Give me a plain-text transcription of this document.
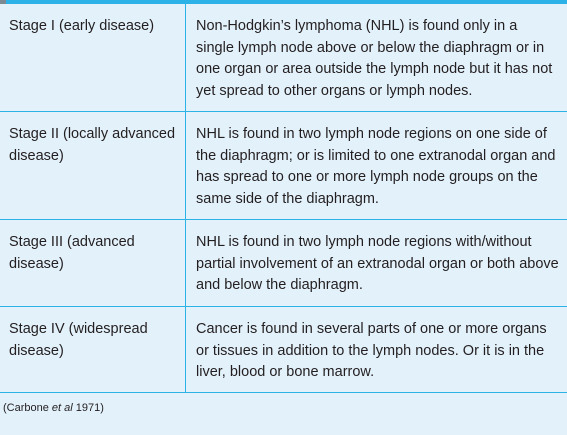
Stage I (early disease)	Non-Hodgkin’s lymphoma (NHL) is found only in a single lymph node above or below the diaphragm or in one organ or area outside the lymph node but it has not yet spread to other organs or lymph nodes.
Stage II (locally advanced disease)
NHL is found in two lymph node regions on one side of the diaphragm; or is limited to one extranodal organ and has spread to one or more lymph node groups on the same side of the diaphragm.
Stage III (advanced disease)
NHL is found in two lymph node regions with/without partial involvement of an extranodal organ or both above and below the diaphragm.
Stage IV (widespread disease)
Cancer is found in several parts of one or more organs or tissues in addition to the lymph nodes. Or it is in the liver, blood or bone marrow.
(Carbone et al 1971)
